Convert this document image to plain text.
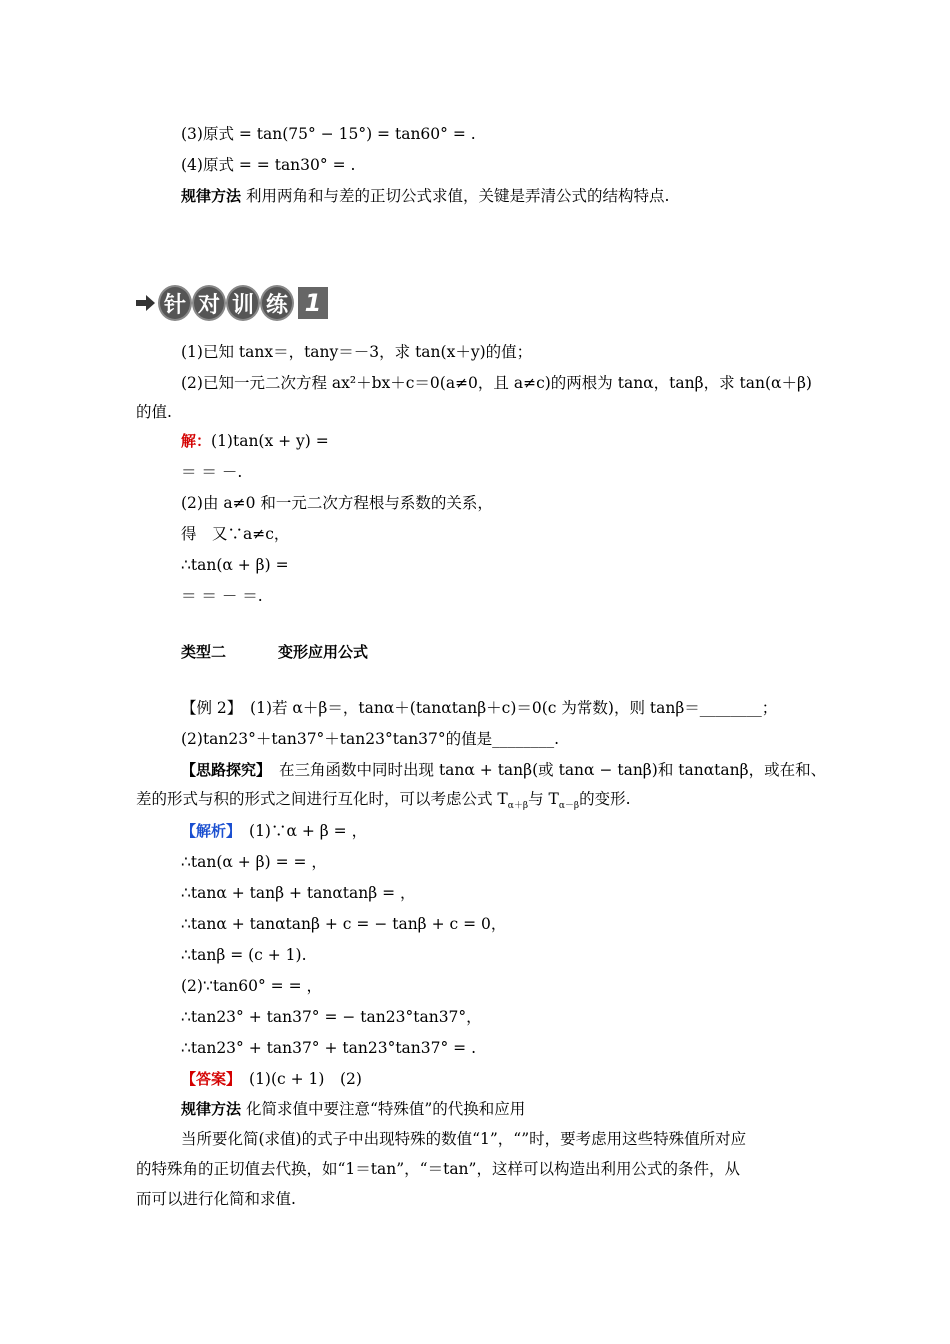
(3)原式 = tan(75° − 15°) = tan60° = .
(4)原式 = = tan30° = .
规律方法 利用两角和与差的正切公式求值，关键是弄清公式的结构特点.
针 对 训 练 1
(1)已知 tanx＝，tany＝－3，求 tan(x＋y)的值；
(2)已知一元二次方程 ax²＋bx＋c＝0(a≠0，且 a≠c)的两根为 tanα，tanβ，求 tan(α＋β)
的值.
解：(1)tan(x + y) =
＝ ＝ －.
(2)由 a≠0 和一元二次方程根与系数的关系，
得　又∵a≠c，
∴tan(α + β) =
＝ ＝ － ＝.
类型二	变形应用公式
【例 2】　(1)若 α＋β＝，tanα＋(tanαtanβ＋c)＝0(c 为常数)，则 tanβ＝________；
(2)tan23°＋tan37°＋tan23°tan37°的值是________.
【思路探究】　在三角函数中同时出现 tanα + tanβ(或 tanα − tanβ)和 tanαtanβ，或在和、
差的形式与积的形式之间进行互化时，可以考虑公式 $T_{\alpha+\beta}$与 $T_{\alpha-\beta}$的变形.
【解析】　(1)∵α + β = ，
∴tan(α + β) = = ，
∴tanα + tanβ + tanαtanβ = ，
∴tanα + tanαtanβ + c = − tanβ + c = 0，
∴tanβ = (c + 1).
(2)∵tan60° = = ，
∴tan23° + tan37° = − tan23°tan37°，
∴tan23° + tan37° + tan23°tan37° = .
【答案】　(1)(c + 1)　(2)
规律方法 化简求值中要注意“特殊值”的代换和应用
当所要化简(求值)的式子中出现特殊的数值“1”，“”时，要考虑用这些特殊值所对应
的特殊角的正切值去代换，如“1＝tan”，“＝tan”，这样可以构造出利用公式的条件，从
而可以进行化简和求值.
